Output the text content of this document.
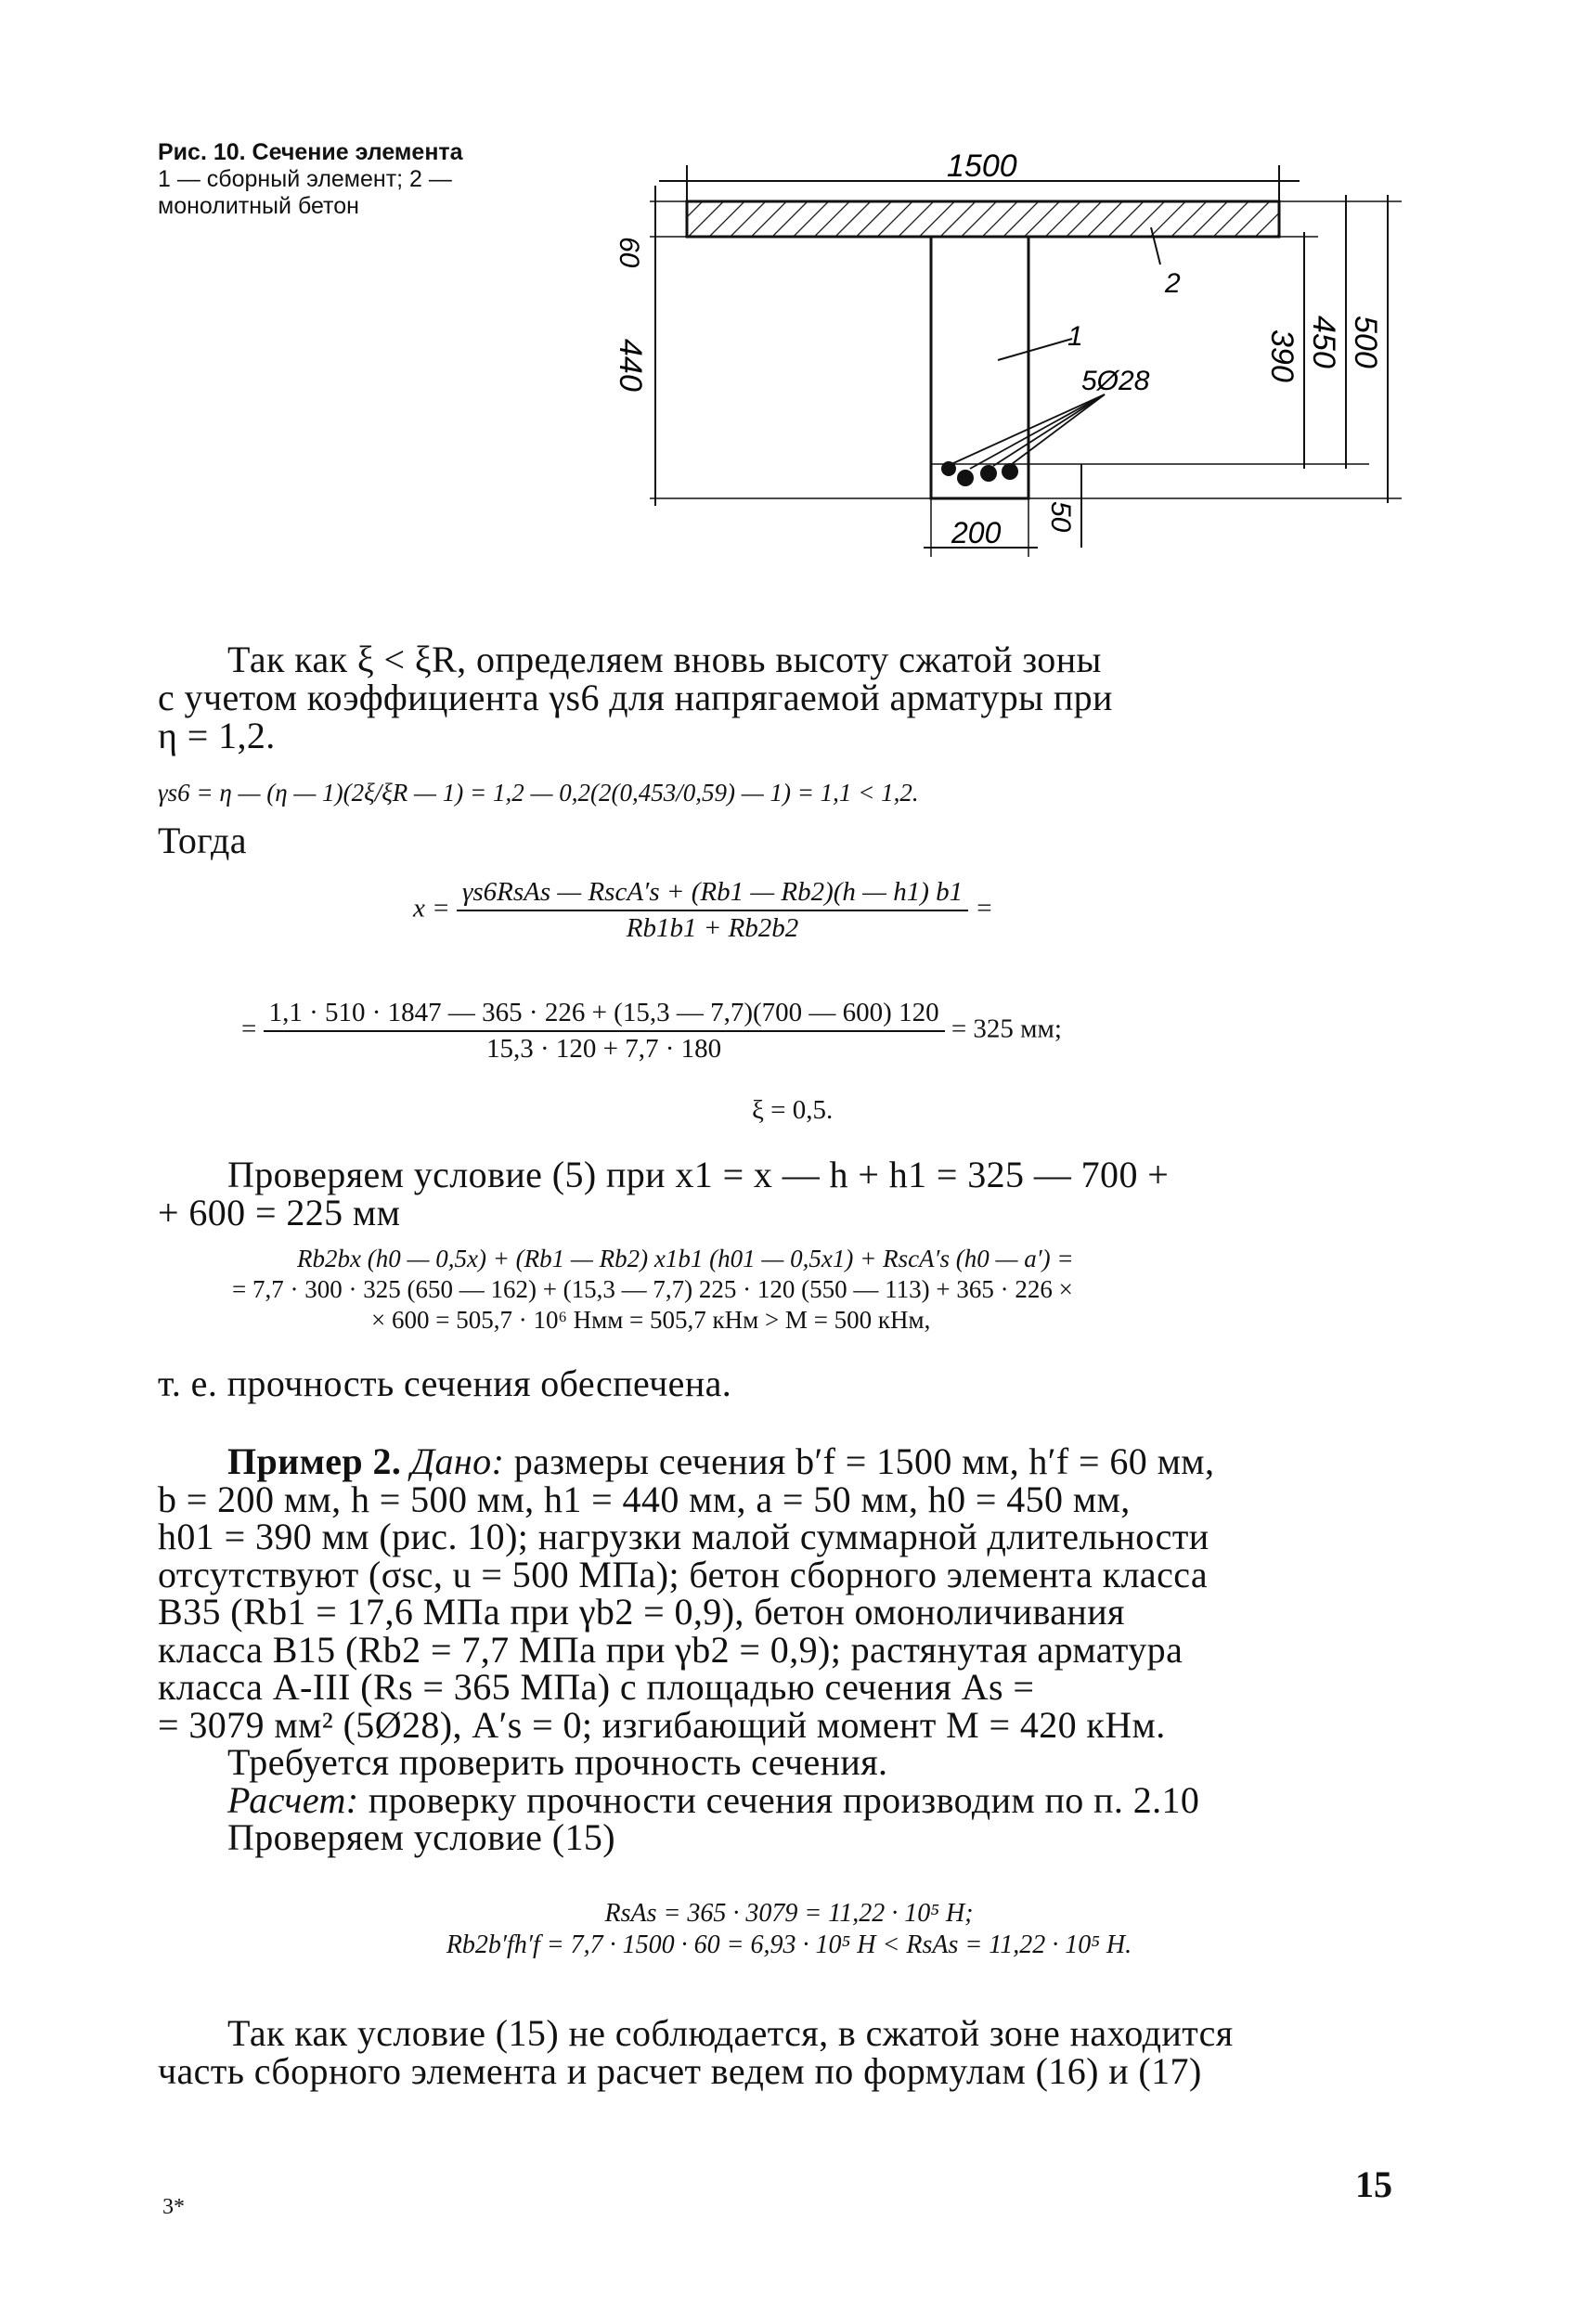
Рис. 10. Сечение элемента
1 — сборный элемент; 2 —
монолитный бетон
1500
1
2
5Ø28
60
440	390 450 500
200 50
Так как ξ < ξR, определяем вновь высоту сжатой зоны
с учетом коэффициента γs6 для напрягаемой арматуры при
η = 1,2.
γs6 = η — (η — 1)(2ξ/ξR — 1) = 1,2 — 0,2(2(0,453/0,59) — 1) = 1,1 < 1,2.
Тогда
$x = \frac{\text{γs6RsAs — RscA′s + (Rb1 — Rb2)(h — h1) b1}}{Rb1b1 + Rb2b2}$ =
= $\frac{1,1 \cdot 510 \cdot 1847 — 365 \cdot 226 + (15,3 — 7,7)(700 — 600) 120}{15,3 \cdot 120 + 7,7 \cdot 180} = 325$ мм;
ξ = 0,5.
Проверяем условие (5) при x1 = x — h + h1 = 325 — 700 +
+ 600 = 225 мм
Rb2bx (h0 — 0,5x) + (Rb1 — Rb2) x1b1 (h01 — 0,5x1) + RscA′s (h0 — a′) =
= 7,7 · 300 · 325 (650 — 162) + (15,3 — 7,7) 225 · 120 (550 — 113) + 365 · 226 ×
× 600 = 505,7 · 10⁶ Нмм = 505,7 кНм > M = 500 кНм,
т. е. прочность сечения обеспечена.
Пример 2. Дано: размеры сечения b′f = 1500 мм, h′f = 60 мм,
b = 200 мм, h = 500 мм, h1 = 440 мм, a = 50 мм, h0 = 450 мм,
h01 = 390 мм (рис. 10); нагрузки малой суммарной длительности
отсутствуют (σsc, u = 500 МПа); бетон сборного элемента класса
В35 (Rb1 = 17,6 МПа при γb2 = 0,9), бетон омоноличивания
класса В15 (Rb2 = 7,7 МПа при γb2 = 0,9); растянутая арматура
класса А-III (Rs = 365 МПа) с площадью сечения As =
= 3079 мм² (5Ø28), A′s = 0; изгибающий момент M = 420 кНм.
Требуется проверить прочность сечения.
Расчет: проверку прочности сечения производим по п. 2.10
Проверяем условие (15)
RsAs = 365 · 3079 = 11,22 · 10⁵ Н;
Rb2b′fh′f = 7,7 · 1500 · 60 = 6,93 · 10⁵ Н < RsAs = 11,22 · 10⁵ Н.
Так как условие (15) не соблюдается, в сжатой зоне находится
часть сборного элемента и расчет ведем по формулам (16) и (17)
3*
15
